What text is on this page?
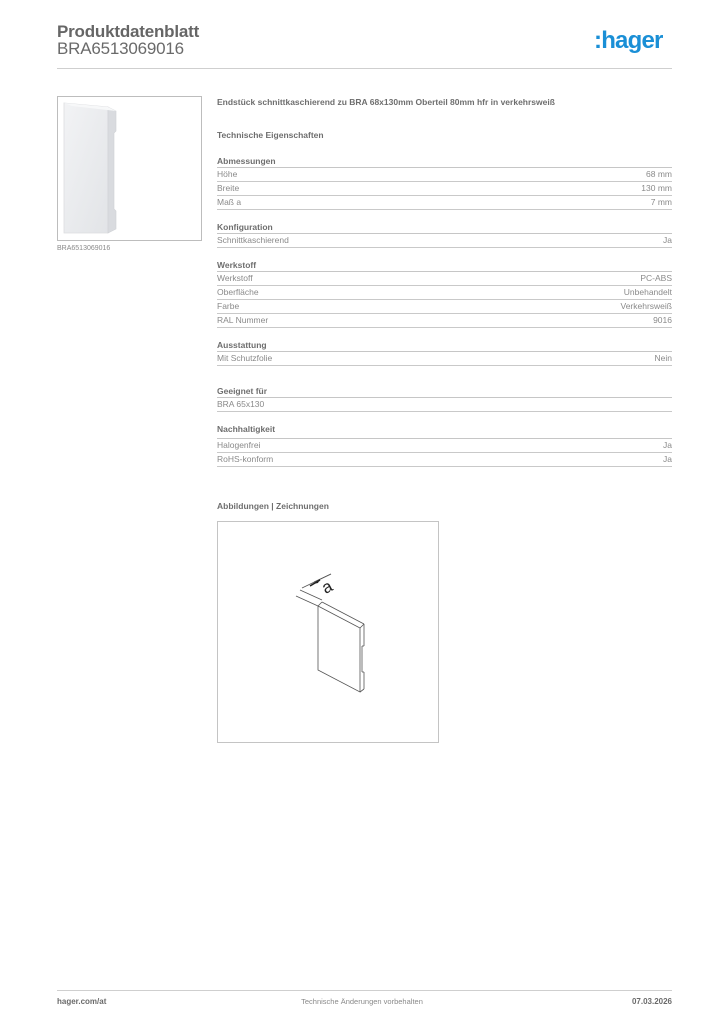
Produktdatenblatt
BRA6513069016	:hager
BRA6513069016
Endstück schnittkaschierend zu BRA 68x130mm Oberteil 80mm hfr in verkehrsweiß
Technische Eigenschaften
Abmessungen
Höhe	68 mm
Breite	130 mm
Maß a	7 mm
Konfiguration
Schnittkaschierend	Ja
Werkstoff
Werkstoff	PC-ABS
Oberfläche	Unbehandelt
Farbe	Verkehrsweiß
RAL Nummer	9016
Ausstattung
Mit Schutzfolie	Nein
Geeignet für
BRA 65x130
Nachhaltigkeit
Halogenfrei	Ja
RoHS-konform	Ja
Abbildungen | Zeichnungen
a
hager.com/at	Technische Änderungen vorbehalten	07.03.2026
